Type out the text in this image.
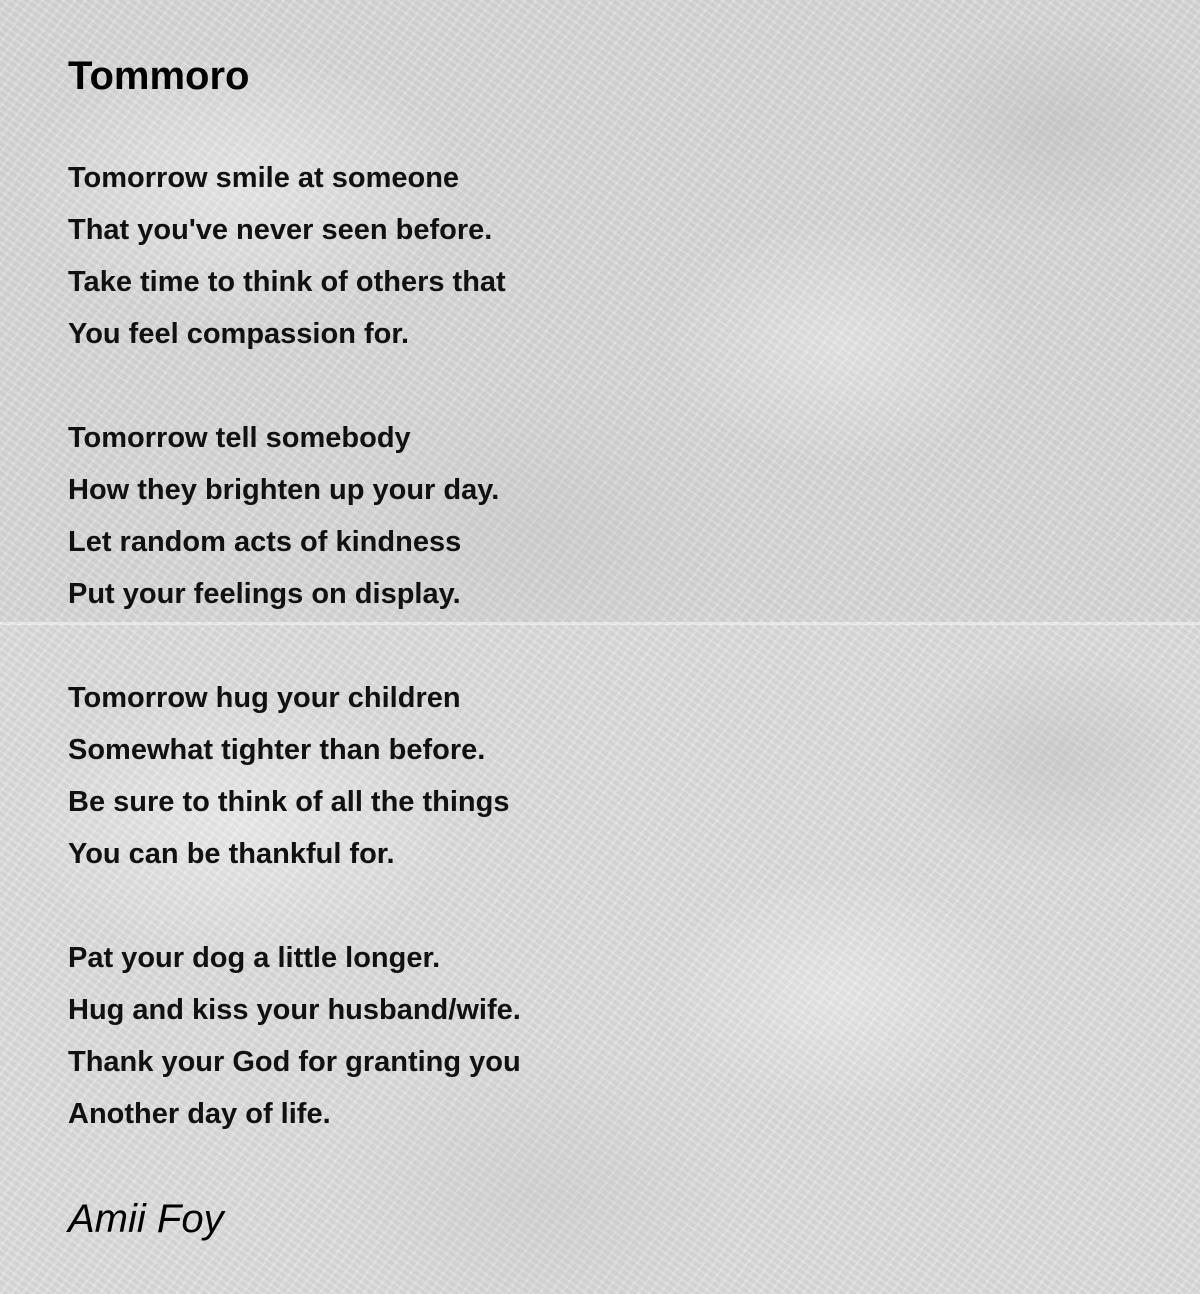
Tommoro
Tomorrow smile at someone
That you've never seen before.
Take time to think of others that
You feel compassion for.
Tomorrow tell somebody
How they brighten up your day.
Let random acts of kindness
Put your feelings on display.
Tomorrow hug your children
Somewhat tighter than before.
Be sure to think of all the things
You can be thankful for.
Pat your dog a little longer.
Hug and kiss your husband/wife.
Thank your God for granting you
Another day of life.

Amii Foy
